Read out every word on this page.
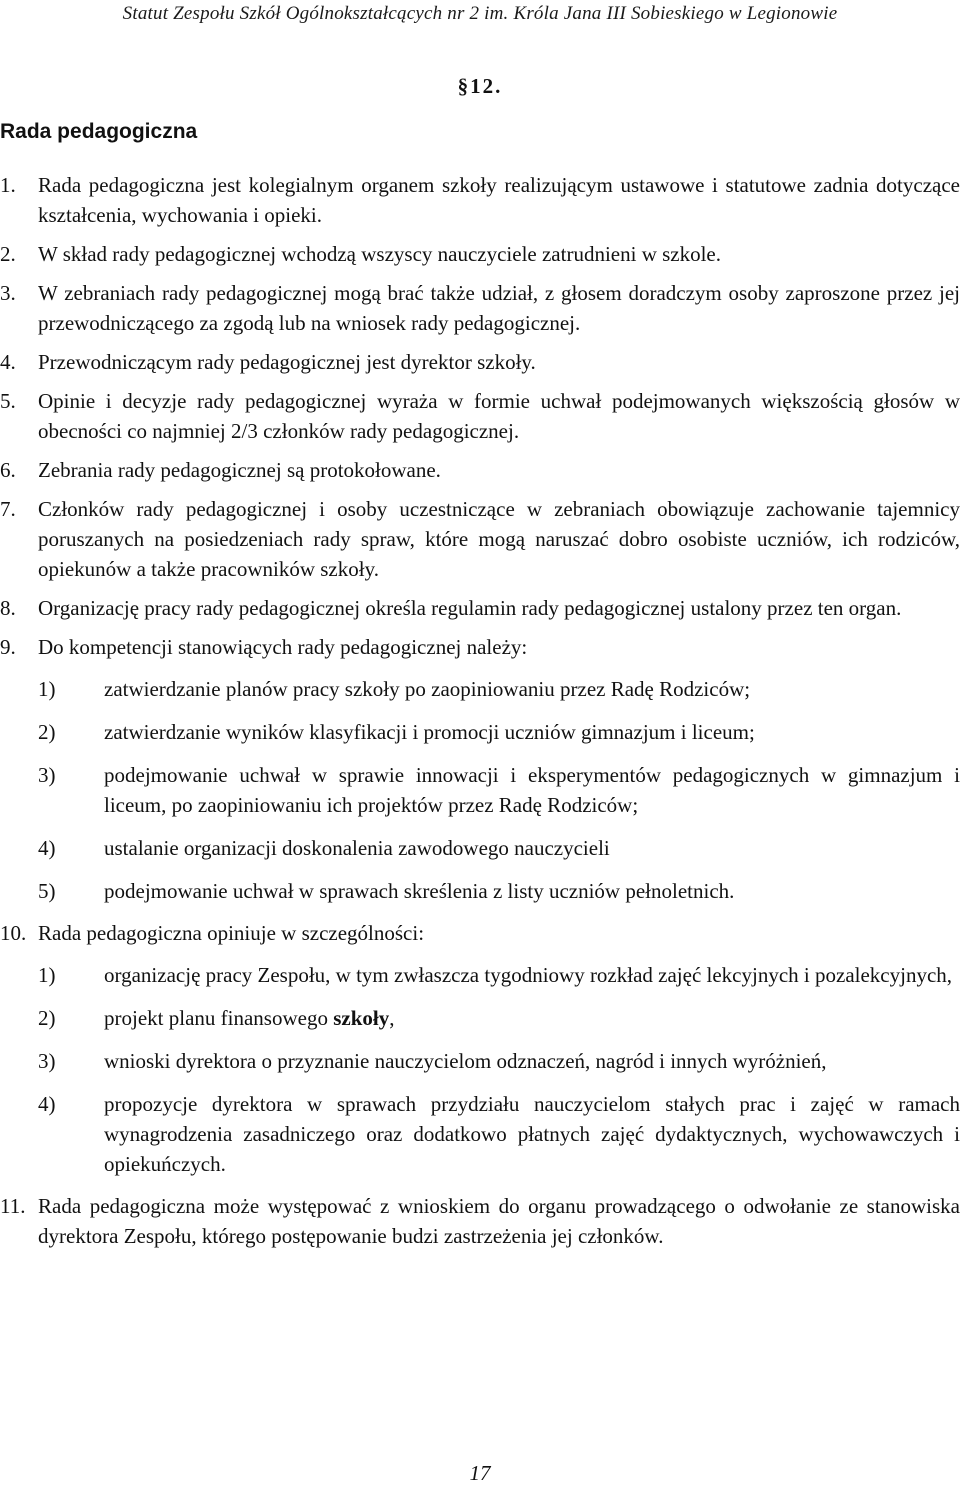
Statut Zespołu Szkół Ogólnokształcących nr 2 im. Króla Jana III Sobieskiego w Legionowie
§12.
Rada pedagogiczna
1. Rada pedagogiczna jest kolegialnym organem szkoły realizującym ustawowe i statutowe zadnia dotyczące kształcenia, wychowania i opieki.
2. W skład rady pedagogicznej wchodzą wszyscy nauczyciele zatrudnieni w szkole.
3. W zebraniach rady pedagogicznej mogą brać także udział, z głosem doradczym osoby zaproszone przez jej przewodniczącego za zgodą lub na wniosek rady pedagogicznej.
4. Przewodniczącym rady pedagogicznej jest dyrektor szkoły.
5. Opinie i decyzje rady pedagogicznej wyraża w formie uchwał podejmowanych większością głosów w obecności co najmniej 2/3 członków rady pedagogicznej.
6. Zebrania rady pedagogicznej są protokołowane.
7. Członków rady pedagogicznej i osoby uczestniczące w zebraniach obowiązuje zachowanie tajemnicy poruszanych na posiedzeniach rady spraw, które mogą naruszać dobro osobiste uczniów, ich rodziców, opiekunów a także pracowników szkoły.
8. Organizację pracy rady pedagogicznej określa regulamin rady pedagogicznej ustalony przez ten organ.
9. Do kompetencji stanowiących rady pedagogicznej należy:
1) zatwierdzanie planów pracy szkoły po zaopiniowaniu przez Radę Rodziców;
2) zatwierdzanie wyników klasyfikacji i promocji uczniów gimnazjum i liceum;
3) podejmowanie uchwał w sprawie innowacji i eksperymentów pedagogicznych w gimnazjum i liceum, po zaopiniowaniu ich projektów przez Radę Rodziców;
4) ustalanie organizacji doskonalenia zawodowego nauczycieli
5) podejmowanie uchwał w sprawach skreślenia z listy uczniów pełnoletnich.
10. Rada pedagogiczna opiniuje w szczególności:
1) organizację pracy Zespołu, w tym zwłaszcza tygodniowy rozkład zajęć lekcyjnych i pozalekcyjnych,
2) projekt planu finansowego szkoły,
3) wnioski dyrektora o przyznanie nauczycielom odznaczeń, nagród i innych wyróżnień,
4) propozycje dyrektora w sprawach przydziału nauczycielom stałych prac i zajęć w ramach wynagrodzenia zasadniczego oraz dodatkowo płatnych zajęć dydaktycznych, wychowawczych i opiekuńczych.
11. Rada pedagogiczna może występować z wnioskiem do organu prowadzącego o odwołanie ze stanowiska dyrektora Zespołu, którego postępowanie budzi zastrzeżenia jej członków.
17
